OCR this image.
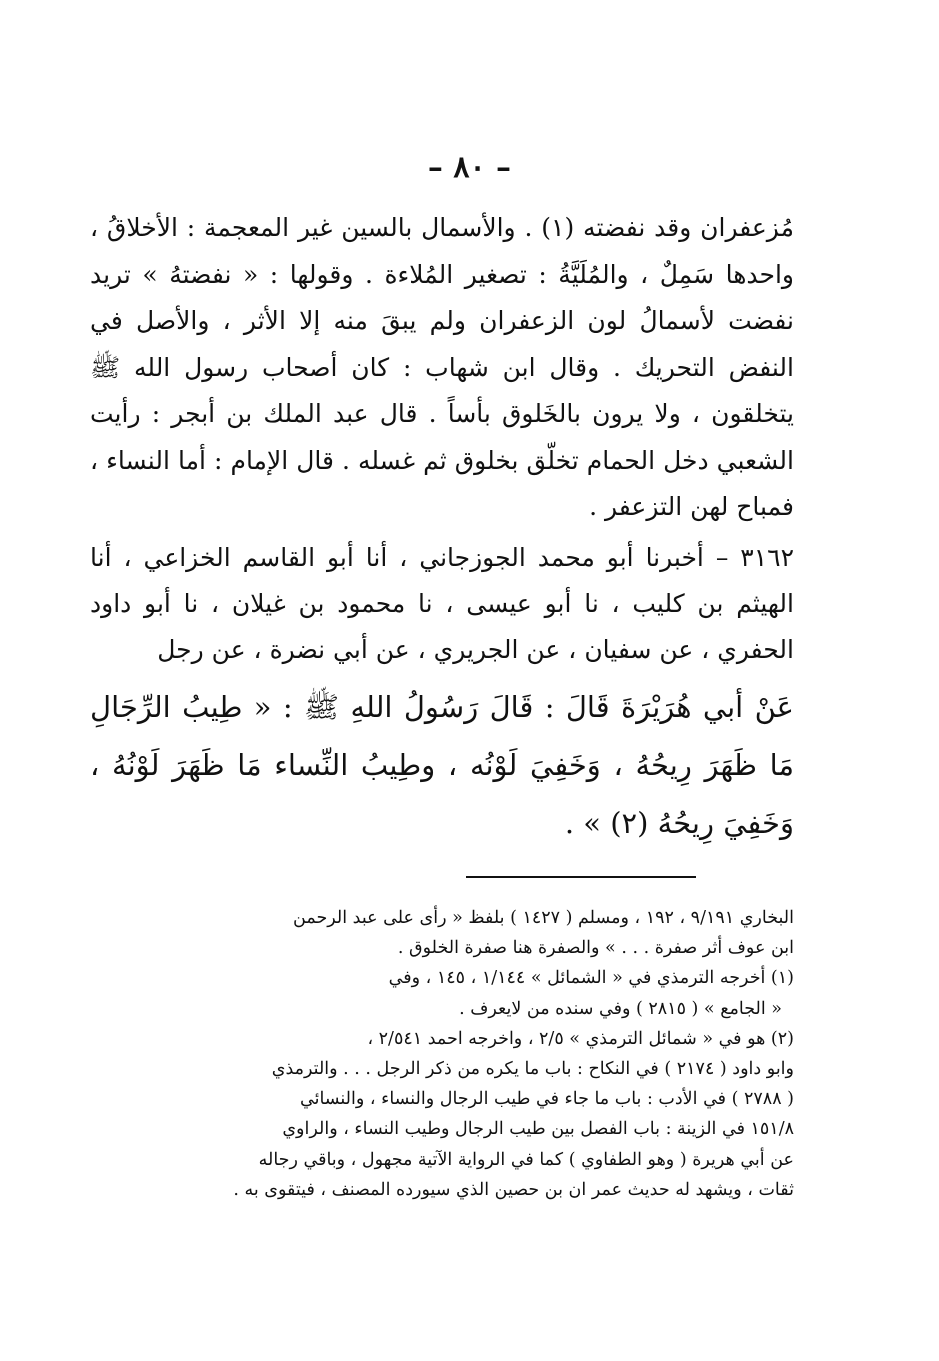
– ٨٠ –

مُزعفران وقد نفضته (١) . والأسمال بالسين غير المعجمة : الأخلاقُ ، واحدها سَمِلٌ ، والمُلَيَّةُ : تصغير المُلاءة . وقولها : « نفضتهُ » تريد نفضت لأسمالُ لون الزعفران ولم يبقَ منه إلا الأثر ، والأصل في النفض التحريك . وقال ابن شهاب : كان أصحاب رسول الله ﷺ يتخلقون ، ولا يرون بالخَلوق بأساً . قال عبد الملك بن أبجر : رأيت الشعبي دخل الحمام تخلّق بخلوق ثم غسله . قال الإمام : أما النساء ، فمباح لهن التزعفر .

٣١٦٢ – أخبرنا أبو محمد الجوزجاني ، أنا أبو القاسم الخزاعي ، أنا الهيثم بن كليب ، نا أبو عيسى ، نا محمود بن غيلان ، نا أبو داود الحفري ، عن سفيان ، عن الجريري ، عن أبي نضرة ، عن رجل

عَنْ أبي هُرَيْرَةَ قَالَ : قَالَ رَسُولُ اللهِ ﷺ : « طِيبُ الرِّجَالِ مَا ظَهَرَ رِيحُهُ ، وَخَفِيَ لَوْنُه ، وطِيبُ النِّساء مَا ظَهَرَ لَوْنُهُ ، وَخَفِيَ رِيحُهُ (٢) » .

البخاري ٩/١٩١ ، ١٩٢ ، ومسلم ( ١٤٢٧ ) بلفظ « رأى على عبد الرحمن
ابن عوف أثر صفرة . . . » والصفرة هنا صفرة الخلوق .
(١) أخرجه الترمذي في « الشمائل » ١/١٤٤ ، ١٤٥ ، وفي
« الجامع » ( ٢٨١٥ ) وفي سنده من لايعرف .
(٢) هو في « شمائل الترمذي » ٢/٥ ، واخرجه احمد ٢/٥٤١ ،
وابو داود ( ٢١٧٤ ) في النكاح : باب ما يكره من ذكر الرجل . . . والترمذي
( ٢٧٨٨ ) في الأدب : باب ما جاء في طيب الرجال والنساء ، والنسائي
١٥١/٨ في الزينة : باب الفصل بين طيب الرجال وطيب النساء ، والراوي
عن أبي هريرة ( وهو الطفاوي ) كما في الرواية الآتية مجهول ، وباقي رجاله
ثقات ، ويشهد له حديث عمر ان بن حصين الذي سيورده المصنف ، فيتقوى به .
